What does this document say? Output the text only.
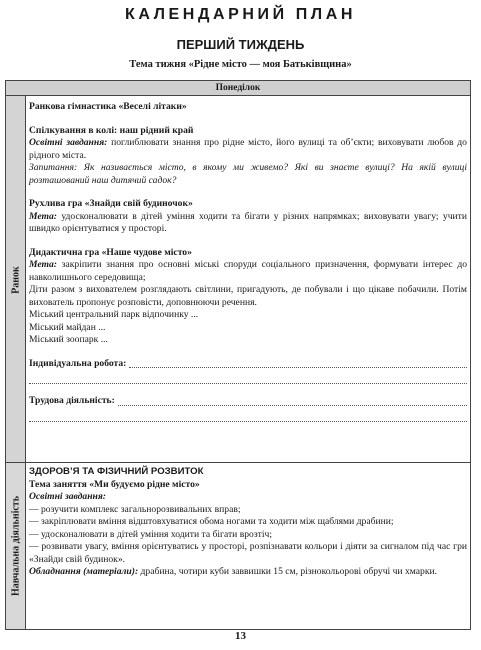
КАЛЕНДАРНИЙ ПЛАН
ПЕРШИЙ ТИЖДЕНЬ
Тема тижня «Рідне місто — моя Батьківщина»
Понеділок
Ранок
Навчальна діяльність

Ранкова гімнастика «Веселі літаки»

Спілкування в колі: наш рідний край

Освітні завдання: поглиблювати знання про рідне місто, його вулиці та об’єкти; виховувати любов до рідного міста.

Запитання: Як називається місто, в якому ми живемо? Які ви знаєте вулиці? На якій вулиці розташований наш дитячий садок?

Рухлива гра «Знайди свій будиночок»

Мета: удосконалювати в дітей уміння ходити та бігати у різних напрямках; виховувати увагу; учити швидко орієнтуватися у просторі.

Дидактична гра «Наше чудове місто»

Мета: закріпити знання про основні міські споруди соціального призначення, формувати інтерес до навколишнього середовища;

Діти разом з вихователем розглядають світлини, пригадують, де побували і що цікаве побачили. Потім вихователь пропонує розповісти, доповнюючи речення.

Міський центральний парк відпочинку ...

Міський майдан ...

Міський зоопарк ...

Індивідуальна робота:
Трудова діяльність:

ЗДОРОВ’Я ТА ФІЗИЧНИЙ РОЗВИТОК

Тема заняття «Ми будуємо рідне місто»

Освітні завдання:

— розучити комплекс загальнорозвивальних вправ;

— закріплювати вміння відштовхуватися обома ногами та ходити між щаблями драбини;

— удосконалювати в дітей уміння ходити та бігати врозтіч;

— розвивати увагу, вміння орієнтуватись у просторі, розпізнавати кольори і діяти за сигналом під час гри «Знайди свій будинок».

Обладнання (матеріали): драбина, чотири куби заввишки 15 см, різнокольорові обручі чи хмарки.

13
